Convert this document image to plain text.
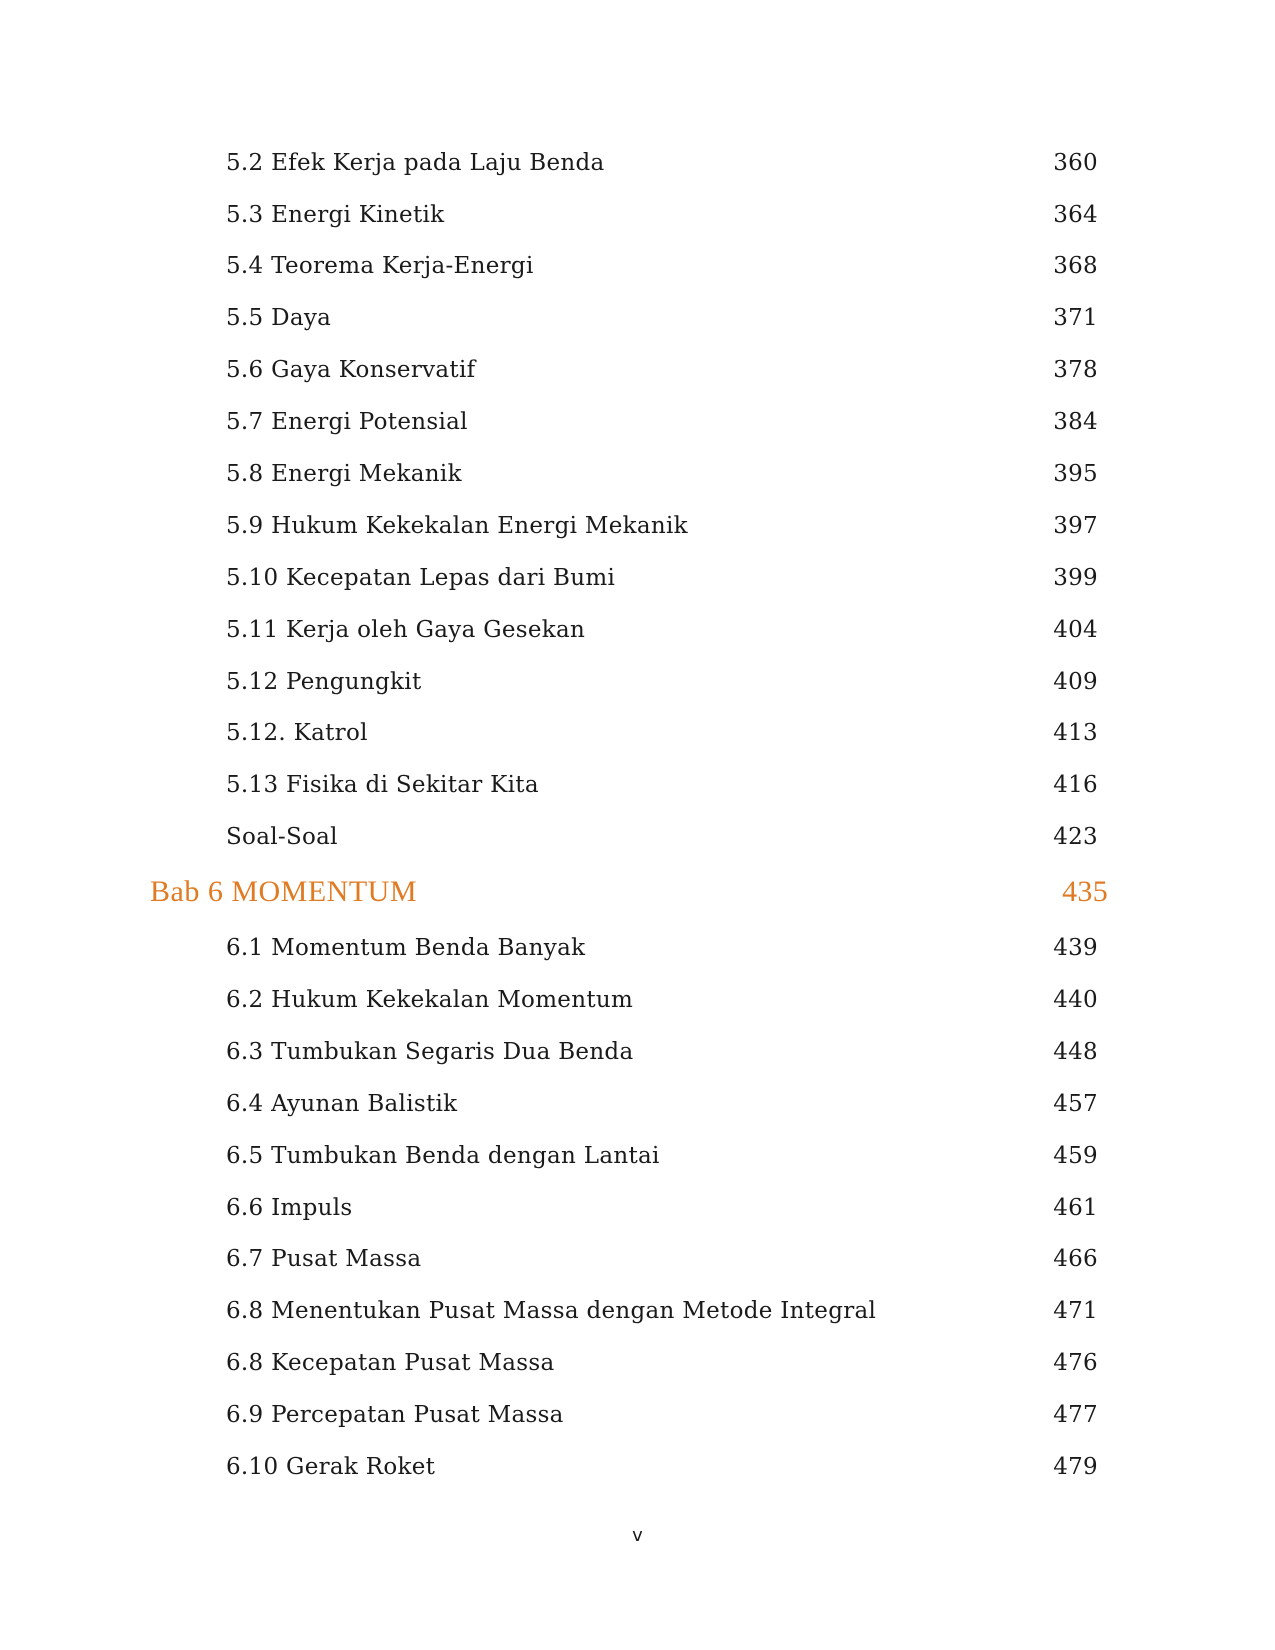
5.2 Efek Kerja pada Laju Benda	360
5.3 Energi Kinetik	364
5.4 Teorema Kerja-Energi	368
5.5 Daya	371
5.6 Gaya Konservatif	378
5.7 Energi Potensial	384
5.8 Energi Mekanik	395
5.9 Hukum Kekekalan Energi Mekanik	397
5.10 Kecepatan Lepas dari Bumi	399
5.11 Kerja oleh Gaya Gesekan	404
5.12 Pengungkit	409
5.12. Katrol	413
5.13 Fisika di Sekitar Kita	416
Soal-Soal	423
Bab 6 MOMENTUM	435
6.1 Momentum Benda Banyak	439
6.2 Hukum Kekekalan Momentum	440
6.3 Tumbukan Segaris Dua Benda	448
6.4 Ayunan Balistik	457
6.5 Tumbukan Benda dengan Lantai	459
6.6 Impuls	461
6.7 Pusat Massa	466
6.8 Menentukan Pusat Massa dengan Metode Integral	471
6.8 Kecepatan Pusat Massa	476
6.9 Percepatan Pusat Massa	477
6.10 Gerak Roket	479
v
